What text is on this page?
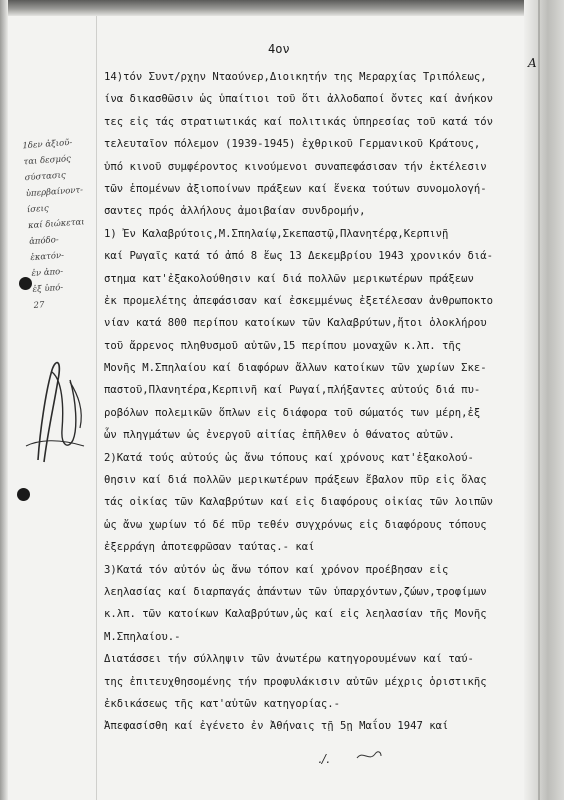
4ον
A
14)τόν Συντ/ρχην Νταούνερ,Διοικητήν της Μεραρχίας Τριπόλεως,
ίνα δικασθῶσιν ὡς ὑπαίτιοι τοῦ ὅτι ἀλλοδαποί ὄντες καί ἀνήκον
τες εἰς τάς στρατιωτικάς καί πολιτικάς ὑπηρεσίας τοῦ κατά τόν
τελευταῖον πόλεμον (1939-1945) ἐχθρικοῦ Γερμανικοῦ Κράτους,
ὑπό κινοῦ συμφέροντος κινούμενοι συναπεφάσισαν τήν ἐκτέλεσιν
τῶν ἑπομένων ἀξιοποίνων πράξεων καί ἕνεκα τούτων συνομολογή-
σαντες πρός ἀλλήλους ἀμοιβαίαν συνδρομήν,
1) Ἐν Καλαβρύτοις,Μ.Σπηλαίῳ,Σκεπαστῷ,Πλανητέρᾳ,Κερπινῇ
καί Ρωγαῖς κατά τό ἀπό 8 ἕως 13 Δεκεμβρίου 1943 χρονικόν διά-
στημα κατ'ἐξακολούθησιν καί διά πολλῶν μερικωτέρων πράξεων
ἐκ προμελέτης ἀπεφάσισαν καί ἐσκεμμένως ἐξετέλεσαν ἀνθρωποκτο
νίαν κατά 800 περίπου κατοίκων τῶν Καλαβρύτων,ἤτοι ὁλοκλήρου
τοῦ ἄρρενος πληθυσμοῦ αὐτῶν,15 περίπου μοναχῶν κ.λπ. τῆς
Μονῆς Μ.Σπηλαίου καί διαφόρων ἄλλων κατοίκων τῶν χωρίων Σκε-
παστοῦ,Πλανητέρα,Κερπινῆ καί Ρωγαί,πλήξαντες αὐτούς διά πυ-
ροβόλων πολεμικῶν ὅπλων εἰς διάφορα τοῦ σώματός των μέρη,ἐξ
ὧν πληγμάτων ὡς ἐνεργοῦ αἰτίας ἐπῆλθεν ὁ θάνατος αὐτῶν.
2)Κατά τούς αὐτούς ὡς ἄνω τόπους καί χρόνους κατ'ἐξακολού-
θησιν καί διά πολλῶν μερικωτέρων πράξεων ἔβαλον πῦρ εἰς ὅλας
τάς οἰκίας τῶν Καλαβρύτων καί εἰς διαφόρους οἰκίας τῶν λοιπῶν
ὡς ἄνω χωρίων τό δέ πῦρ τεθέν συγχρόνως εἰς διαφόρους τόπους
ἐξερράγη ἀποτεφρῶσαν ταύτας.- καί
3)Κατά τόν αὐτόν ὡς ἄνω τόπον καί χρόνον προέβησαν εἰς
λεηλασίας καί διαρπαγάς ἁπάντων τῶν ὑπαρχόντων,ζώων,τροφίμων
κ.λπ. τῶν κατοίκων Καλαβρύτων,ὡς καί εἰς λεηλασίαν τῆς Μονῆς
Μ.Σπηλαίου.-
Διατάσσει τήν σύλληψιν τῶν ἀνωτέρω κατηγορουμένων καί ταύ-
της ἐπιτευχθησομένης τήν προφυλάκισιν αὐτῶν μέχρις ὁριστικῆς
ἐκδικάσεως τῆς κατ'αὐτῶν κατηγορίας.-
Ἀπεφασίσθη καί ἐγένετο ἐν Ἀθήναις τῇ 5ῃ Μαΐου 1947 καί
./.
1δεν ἀξιοῦ-
ται δεσμός
σύστασις
ὑπερβαίνοντ-
ίσεις
καί διώκεται
ἀπόδο-
ἑκατόν-
ἐν ἀπο-
ἐξ ὑπό-
27
